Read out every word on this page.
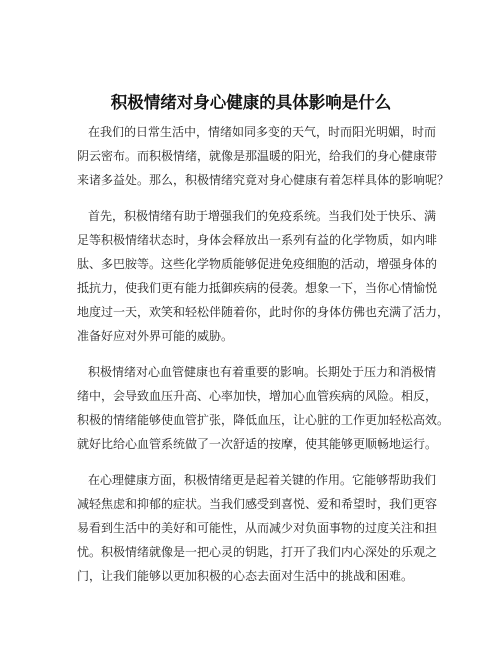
积极情绪对身心健康的具体影响是什么
在我们的日常生活中，情绪如同多变的天气，时而阳光明媚，时而
阴云密布。而积极情绪，就像是那温暖的阳光，给我们的身心健康带
来诸多益处。那么，积极情绪究竟对身心健康有着怎样具体的影响呢？
首先，积极情绪有助于增强我们的免疫系统。当我们处于快乐、满
足等积极情绪状态时，身体会释放出一系列有益的化学物质，如内啡
肽、多巴胺等。这些化学物质能够促进免疫细胞的活动，增强身体的
抵抗力，使我们更有能力抵御疾病的侵袭。想象一下，当你心情愉悦
地度过一天，欢笑和轻松伴随着你，此时你的身体仿佛也充满了活力，
准备好应对外界可能的威胁。
积极情绪对心血管健康也有着重要的影响。长期处于压力和消极情
绪中，会导致血压升高、心率加快，增加心血管疾病的风险。相反，
积极的情绪能够使血管扩张，降低血压，让心脏的工作更加轻松高效。
就好比给心血管系统做了一次舒适的按摩，使其能够更顺畅地运行。
在心理健康方面，积极情绪更是起着关键的作用。它能够帮助我们
减轻焦虑和抑郁的症状。当我们感受到喜悦、爱和希望时，我们更容
易看到生活中的美好和可能性，从而减少对负面事物的过度关注和担
忧。积极情绪就像是一把心灵的钥匙，打开了我们内心深处的乐观之
门，让我们能够以更加积极的心态去面对生活中的挑战和困难。
